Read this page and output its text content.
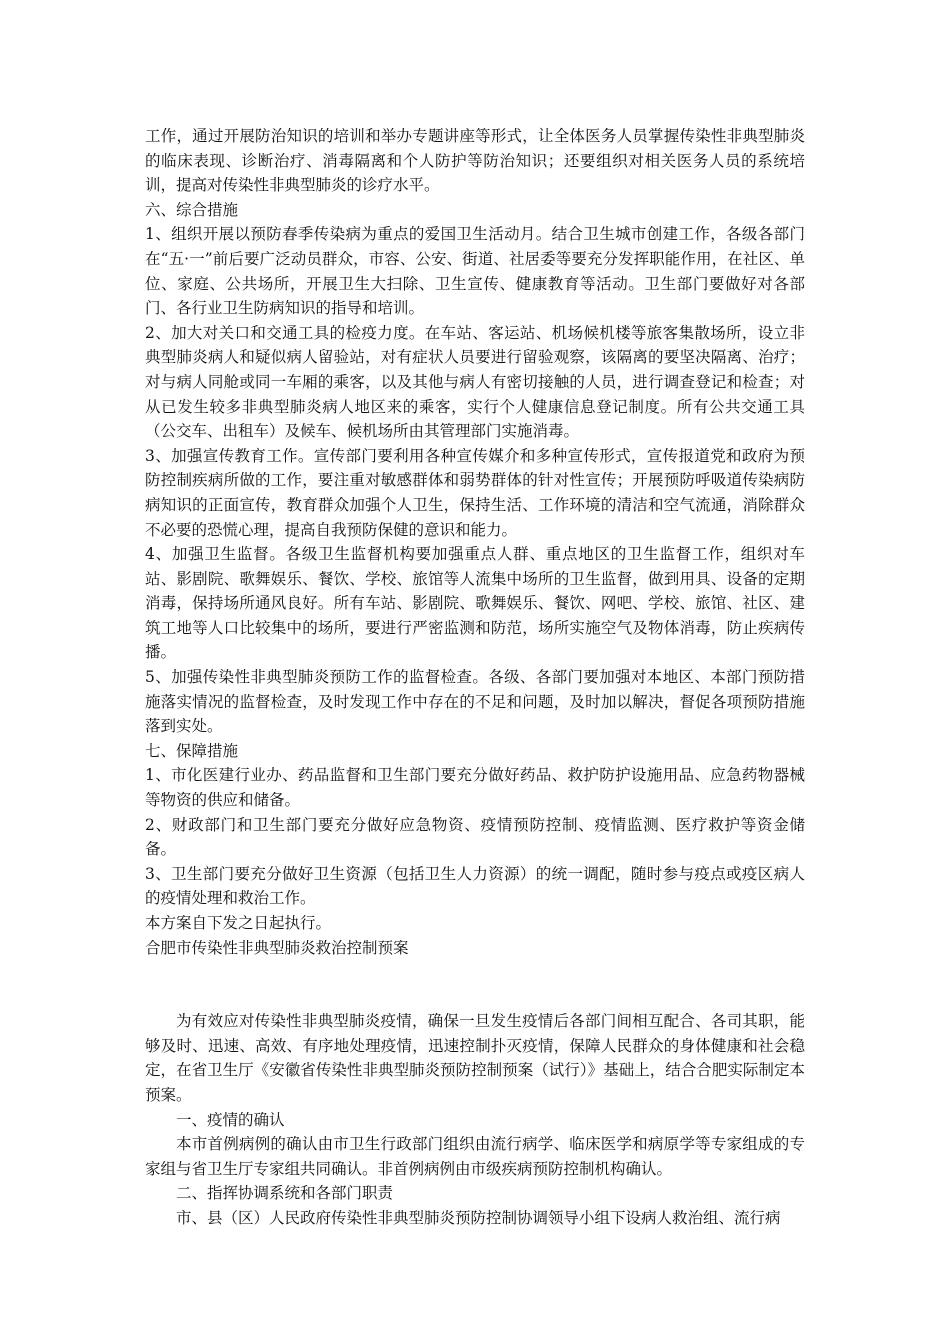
工作，通过开展防治知识的培训和举办专题讲座等形式，让全体医务人员掌握传染性非典型肺炎的临床表现、诊断治疗、消毒隔离和个人防护等防治知识；还要组织对相关医务人员的系统培训，提高对传染性非典型肺炎的诊疗水平。

六、综合措施

1、组织开展以预防春季传染病为重点的爱国卫生活动月。结合卫生城市创建工作，各级各部门在“五·一”前后要广泛动员群众，市容、公安、街道、社居委等要充分发挥职能作用，在社区、单位、家庭、公共场所，开展卫生大扫除、卫生宣传、健康教育等活动。卫生部门要做好对各部门、各行业卫生防病知识的指导和培训。

2、加大对关口和交通工具的检疫力度。在车站、客运站、机场候机楼等旅客集散场所，设立非典型肺炎病人和疑似病人留验站，对有症状人员要进行留验观察，该隔离的要坚决隔离、治疗；对与病人同舱或同一车厢的乘客，以及其他与病人有密切接触的人员，进行调查登记和检查；对从已发生较多非典型肺炎病人地区来的乘客，实行个人健康信息登记制度。所有公共交通工具（公交车、出租车）及候车、候机场所由其管理部门实施消毒。

3、加强宣传教育工作。宣传部门要利用各种宣传媒介和多种宣传形式，宣传报道党和政府为预防控制疾病所做的工作，要注重对敏感群体和弱势群体的针对性宣传；开展预防呼吸道传染病防病知识的正面宣传，教育群众加强个人卫生，保持生活、工作环境的清洁和空气流通，消除群众不必要的恐慌心理，提高自我预防保健的意识和能力。

4、加强卫生监督。各级卫生监督机构要加强重点人群、重点地区的卫生监督工作，组织对车站、影剧院、歌舞娱乐、餐饮、学校、旅馆等人流集中场所的卫生监督，做到用具、设备的定期消毒，保持场所通风良好。所有车站、影剧院、歌舞娱乐、餐饮、网吧、学校、旅馆、社区、建筑工地等人口比较集中的场所，要进行严密监测和防范，场所实施空气及物体消毒，防止疾病传播。

5、加强传染性非典型肺炎预防工作的监督检查。各级、各部门要加强对本地区、本部门预防措施落实情况的监督检查，及时发现工作中存在的不足和问题，及时加以解决，督促各项预防措施落到实处。

七、保障措施

1、市化医建行业办、药品监督和卫生部门要充分做好药品、救护防护设施用品、应急药物器械等物资的供应和储备。

2、财政部门和卫生部门要充分做好应急物资、疫情预防控制、疫情监测、医疗救护等资金储备。

3、卫生部门要充分做好卫生资源（包括卫生人力资源）的统一调配，随时参与疫点或疫区病人的疫情处理和救治工作。

本方案自下发之日起执行。

合肥市传染性非典型肺炎救治控制预案

为有效应对传染性非典型肺炎疫情，确保一旦发生疫情后各部门间相互配合、各司其职，能够及时、迅速、高效、有序地处理疫情，迅速控制扑灭疫情，保障人民群众的身体健康和社会稳定，在省卫生厅《安徽省传染性非典型肺炎预防控制预案（试行）》基础上，结合合肥实际制定本预案。

一、疫情的确认

本市首例病例的确认由市卫生行政部门组织由流行病学、临床医学和病原学等专家组成的专家组与省卫生厅专家组共同确认。非首例病例由市级疾病预防控制机构确认。

二、指挥协调系统和各部门职责

市、县（区）人民政府传染性非典型肺炎预防控制协调领导小组下设病人救治组、流行病
